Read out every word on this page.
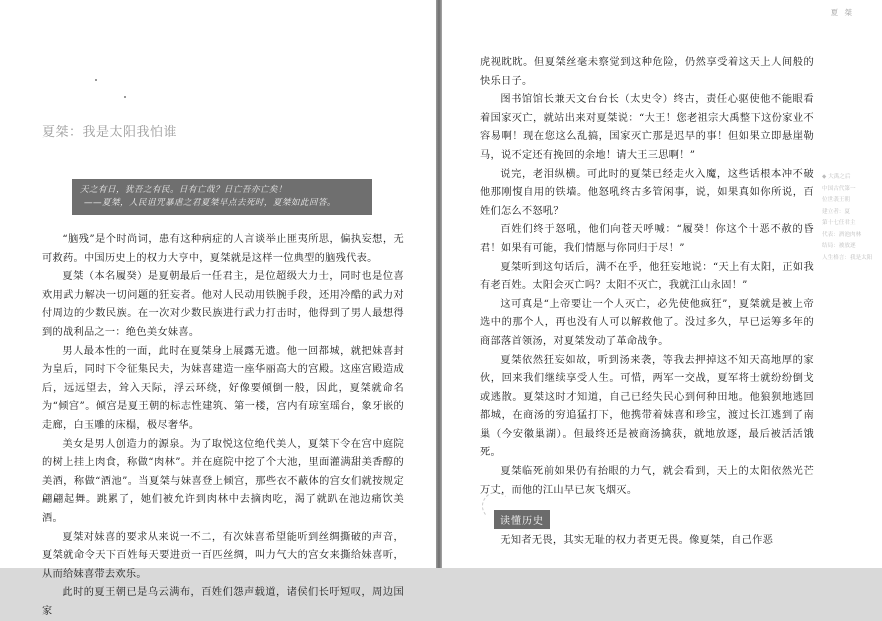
夏桀：我是太阳我怕谁
天之有日，犹吾之有民。日有亡哉？日亡吾亦亡矣！
——夏桀，人民诅咒暴虐之君夏桀早点去死时，夏桀如此回答。

“脑残”是个时尚词，患有这种病症的人言谈举止匪夷所思，偏执妄想，无可救药。中国历史上的权力大亨中，夏桀就是这样一位典型的脑残代表。

夏桀（本名履癸）是夏朝最后一任君主，是位超级大力士，同时也是位喜欢用武力解决一切问题的狂妄者。他对人民动用铁腕手段，还用冷酷的武力对付周边的少数民族。在一次对少数民族进行武力打击时，他得到了男人最想得到的战利品之一：绝色美女妹喜。

男人最本性的一面，此时在夏桀身上展露无遗。他一回都城，就把妹喜封为皇后，同时下令征集民夫，为妹喜建造一座华丽高大的宫殿。这座宫殿造成后，远远望去，耸入天际，浮云环绕，好像要倾倒一般，因此，夏桀就命名为“倾宫”。倾宫是夏王朝的标志性建筑、第一楼，宫内有琼室瑶台，象牙嵌的走廊，白玉雕的床榻，极尽奢华。

美女是男人创造力的源泉。为了取悦这位绝代美人，夏桀下令在宫中庭院的树上挂上肉食，称做“肉林”。并在庭院中挖了个大池，里面灌满甜美香醇的美酒，称做“酒池”。当夏桀与妹喜登上倾宫，那些衣不蔽体的宫女们就按规定翩翩起舞。跳累了，她们被允许到肉林中去摘肉吃，渴了就趴在池边痛饮美酒。

夏桀对妹喜的要求从来说一不二，有次妹喜希望能听到丝绸撕破的声音，夏桀就命令天下百姓每天要进贡一百匹丝绸，叫力气大的宫女来撕给妹喜听，从而给妹喜带去欢乐。

此时的夏王朝已是乌云满布，百姓们怨声载道，诸侯们长吁短叹，周边国家

夏 桀

虎视眈眈。但夏桀丝毫未察觉到这种危险，仍然享受着这天上人间般的快乐日子。

图书馆馆长兼天文台台长（太史令）终古，责任心驱使他不能眼看着国家灭亡，就站出来对夏桀说：“大王！您老祖宗大禹整下这份家业不容易啊！现在您这么乱搞，国家灭亡那是迟早的事！但如果立即悬崖勒马，说不定还有挽回的余地！请大王三思啊！”

说完，老泪纵横。可此时的夏桀已经走火入魔，这些话根本冲不破他那刚愎自用的铁墙。他怒吼终古多管闲事，说，如果真如你所说，百姓们怎么不怒吼？

百姓们终于怒吼，他们向苍天呼喊：“履癸！你这个十恶不赦的昏君！如果有可能，我们情愿与你同归于尽！”

夏桀听到这句话后，满不在乎，他狂妄地说：“天上有太阳，正如我有老百姓。太阳会灭亡吗？太阳不灭亡，我就江山永固！”

这可真是“上帝要让一个人灭亡，必先使他疯狂”，夏桀就是被上帝选中的那个人，再也没有人可以解救他了。没过多久，早已运筹多年的商部落首领汤，对夏桀发动了革命战争。

夏桀依然狂妄如故，听到汤来袭，等我去押掉这不知天高地厚的家伙，回来我们继续享受人生。可惜，两军一交战，夏军将士就纷纷倒戈或逃散。夏桀这时才知道，自己已经失民心到何种田地。他狼狈地逃回都城，在商汤的穷追猛打下，他携带着妹喜和珍宝，渡过长江逃到了南巢（今安徽巢湖）。但最终还是被商汤擒获，就地放逐，最后被活活饿死。

夏桀临死前如果仍有抬眼的力气，就会看到，天上的太阳依然光芒万丈，而他的江山早已灰飞烟灭。

◆ 大禹之后
中国古代第一
位世袭王朝
建立者：夏
第十七任君主
代表：酒池肉林
结局：被放逐
人生格言：我是太阳
读懂历史

无知者无畏，其实无耻的权力者更无畏。像夏桀，自己作恶
